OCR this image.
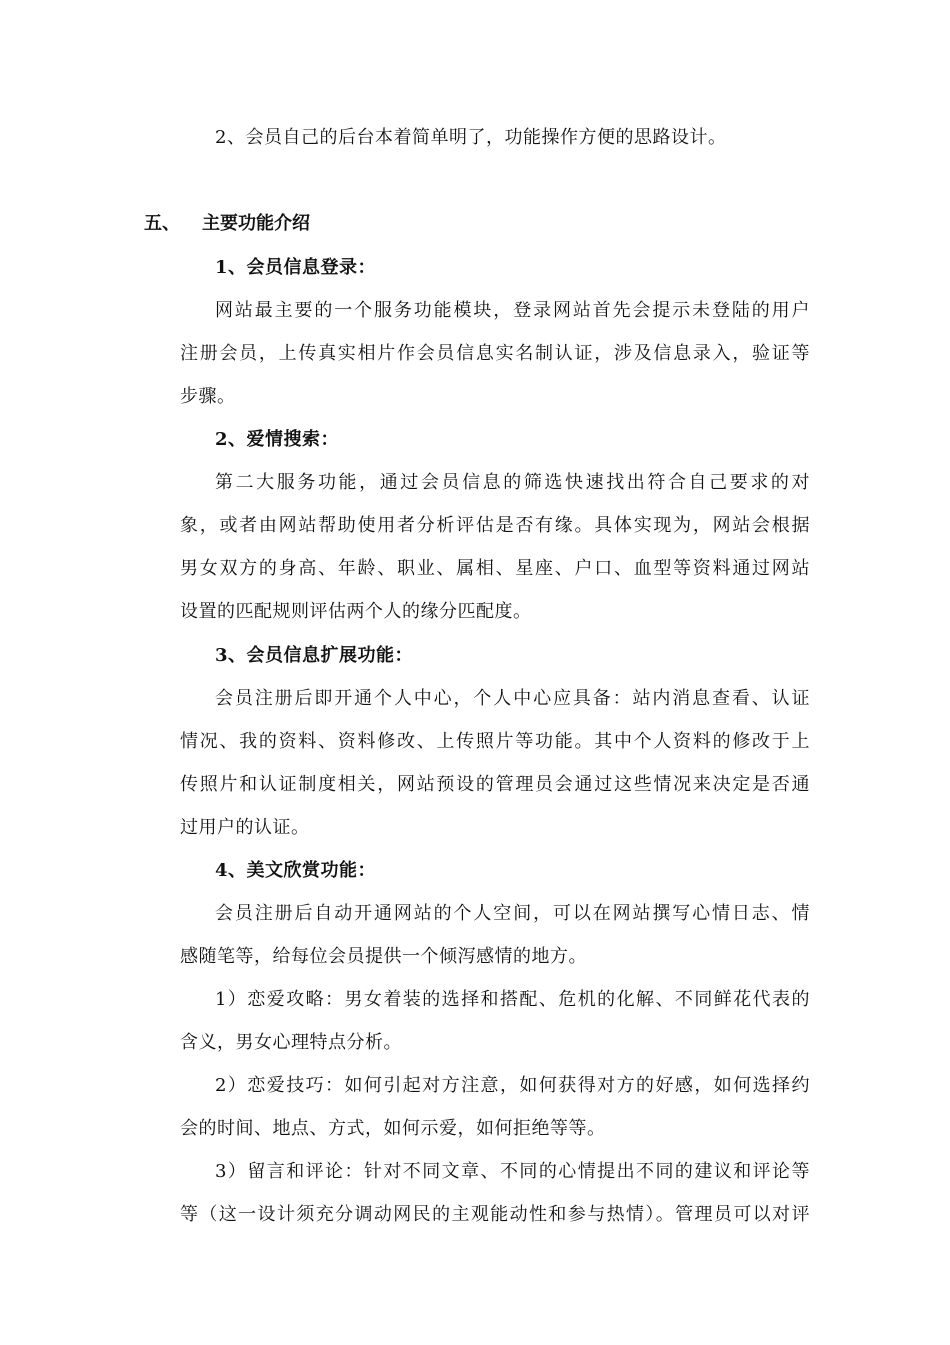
2、会员自己的后台本着简单明了，功能操作方便的思路设计。
五、 主要功能介绍
1、会员信息登录：
网站最主要的一个服务功能模块，登录网站首先会提示未登陆的用户
注册会员，上传真实相片作会员信息实名制认证，涉及信息录入，验证等
步骤。
2、爱情搜索：
第二大服务功能，通过会员信息的筛选快速找出符合自己要求的对
象，或者由网站帮助使用者分析评估是否有缘。具体实现为，网站会根据
男女双方的身高、年龄、职业、属相、星座、户口、血型等资料通过网站
设置的匹配规则评估两个人的缘分匹配度。
3、会员信息扩展功能：
会员注册后即开通个人中心，个人中心应具备：站内消息查看、认证
情况、我的资料、资料修改、上传照片等功能。其中个人资料的修改于上
传照片和认证制度相关，网站预设的管理员会通过这些情况来决定是否通
过用户的认证。
4、美文欣赏功能：
会员注册后自动开通网站的个人空间，可以在网站撰写心情日志、情
感随笔等，给每位会员提供一个倾泻感情的地方。
1）恋爱攻略：男女着装的选择和搭配、危机的化解、不同鲜花代表的
含义，男女心理特点分析。
2）恋爱技巧：如何引起对方注意，如何获得对方的好感，如何选择约
会的时间、地点、方式，如何示爱，如何拒绝等等。
3）留言和评论：针对不同文章、不同的心情提出不同的建议和评论等
等（这一设计须充分调动网民的主观能动性和参与热情）。管理员可以对评
